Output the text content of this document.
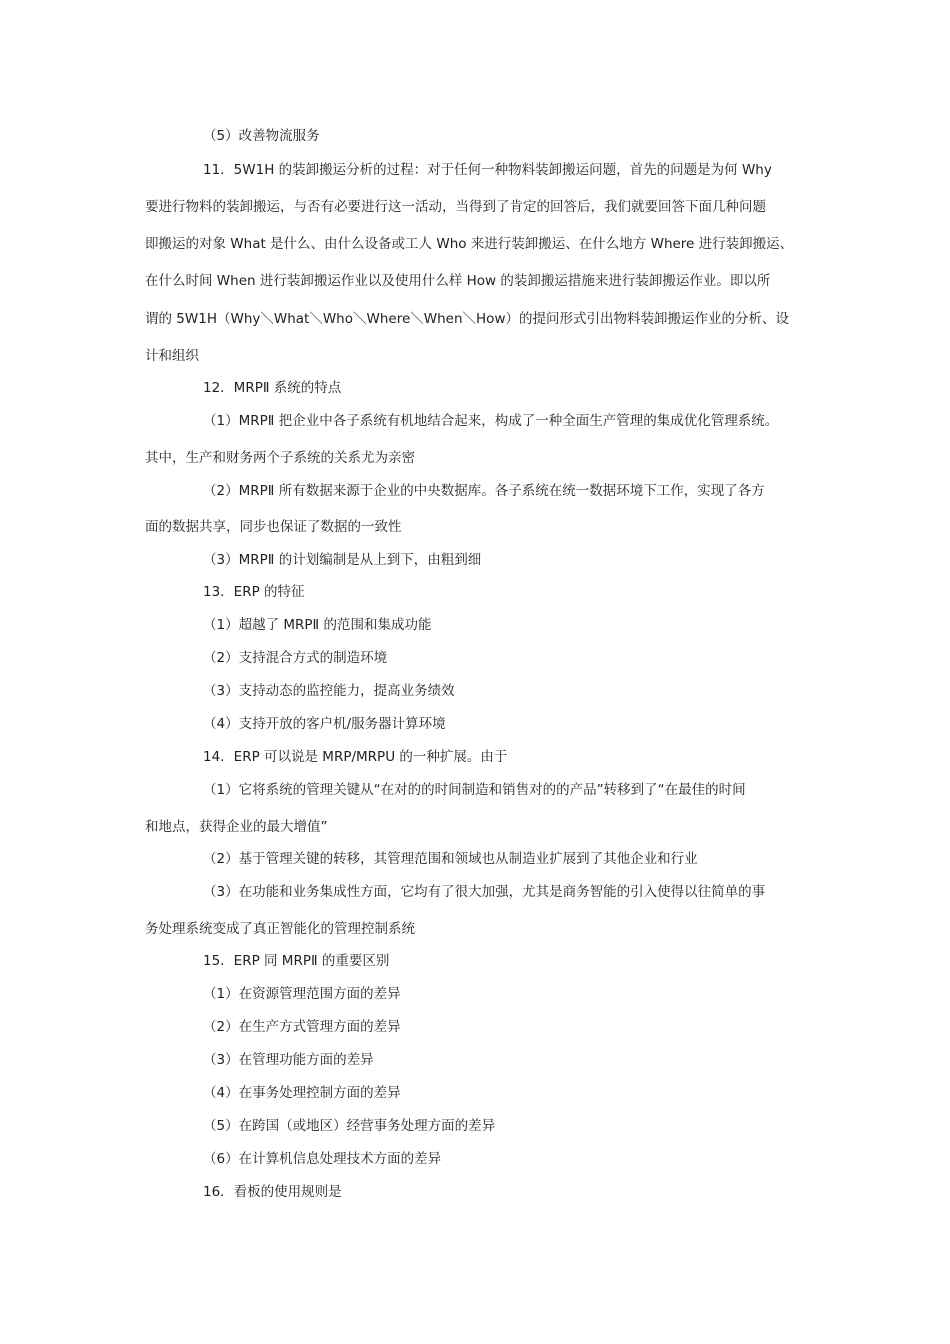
（5）改善物流服务
11．5W1H 的装卸搬运分析的过程：对于任何一种物料装卸搬运问题，首先的问题是为何 Why
要进行物料的装卸搬运，与否有必要进行这一活动，当得到了肯定的回答后，我们就要回答下面几种问题
即搬运的对象 What 是什么、由什么设备或工人 Who 来进行装卸搬运、在什么地方 Where 进行装卸搬运、
在什么时间 When 进行装卸搬运作业以及使用什么样 How 的装卸搬运措施来进行装卸搬运作业。即以所
谓的 5W1H（Why＼What＼Who＼Where＼When＼How）的提问形式引出物料装卸搬运作业的分析、设
计和组织
12．MRPⅡ 系统的特点
（1）MRPⅡ 把企业中各子系统有机地结合起来，构成了一种全面生产管理的集成优化管理系统。
其中，生产和财务两个子系统的关系尤为亲密
（2）MRPⅡ 所有数据来源于企业的中央数据库。各子系统在统一数据环境下工作，实现了各方
面的数据共享，同步也保证了数据的一致性
（3）MRPⅡ 的计划编制是从上到下，由粗到细
13．ERP 的特征
（1）超越了 MRPⅡ 的范围和集成功能
（2）支持混合方式的制造环境
（3）支持动态的监控能力，提高业务绩效
（4）支持开放的客户机/服务器计算环境
14．ERP 可以说是 MRP/MRPU 的一种扩展。由于
（1）它将系统的管理关键从“在对的的时间制造和销售对的的产品”转移到了“在最佳的时间
和地点，获得企业的最大增值”
（2）基于管理关键的转移，其管理范围和领域也从制造业扩展到了其他企业和行业
（3）在功能和业务集成性方面，它均有了很大加强，尤其是商务智能的引入使得以往简单的事
务处理系统变成了真正智能化的管理控制系统
15．ERP 同 MRPⅡ 的重要区别
（1）在资源管理范围方面的差异
（2）在生产方式管理方面的差异
（3）在管理功能方面的差异
（4）在事务处理控制方面的差异
（5）在跨国（或地区）经营事务处理方面的差异
（6）在计算机信息处理技术方面的差异
16．看板的使用规则是
